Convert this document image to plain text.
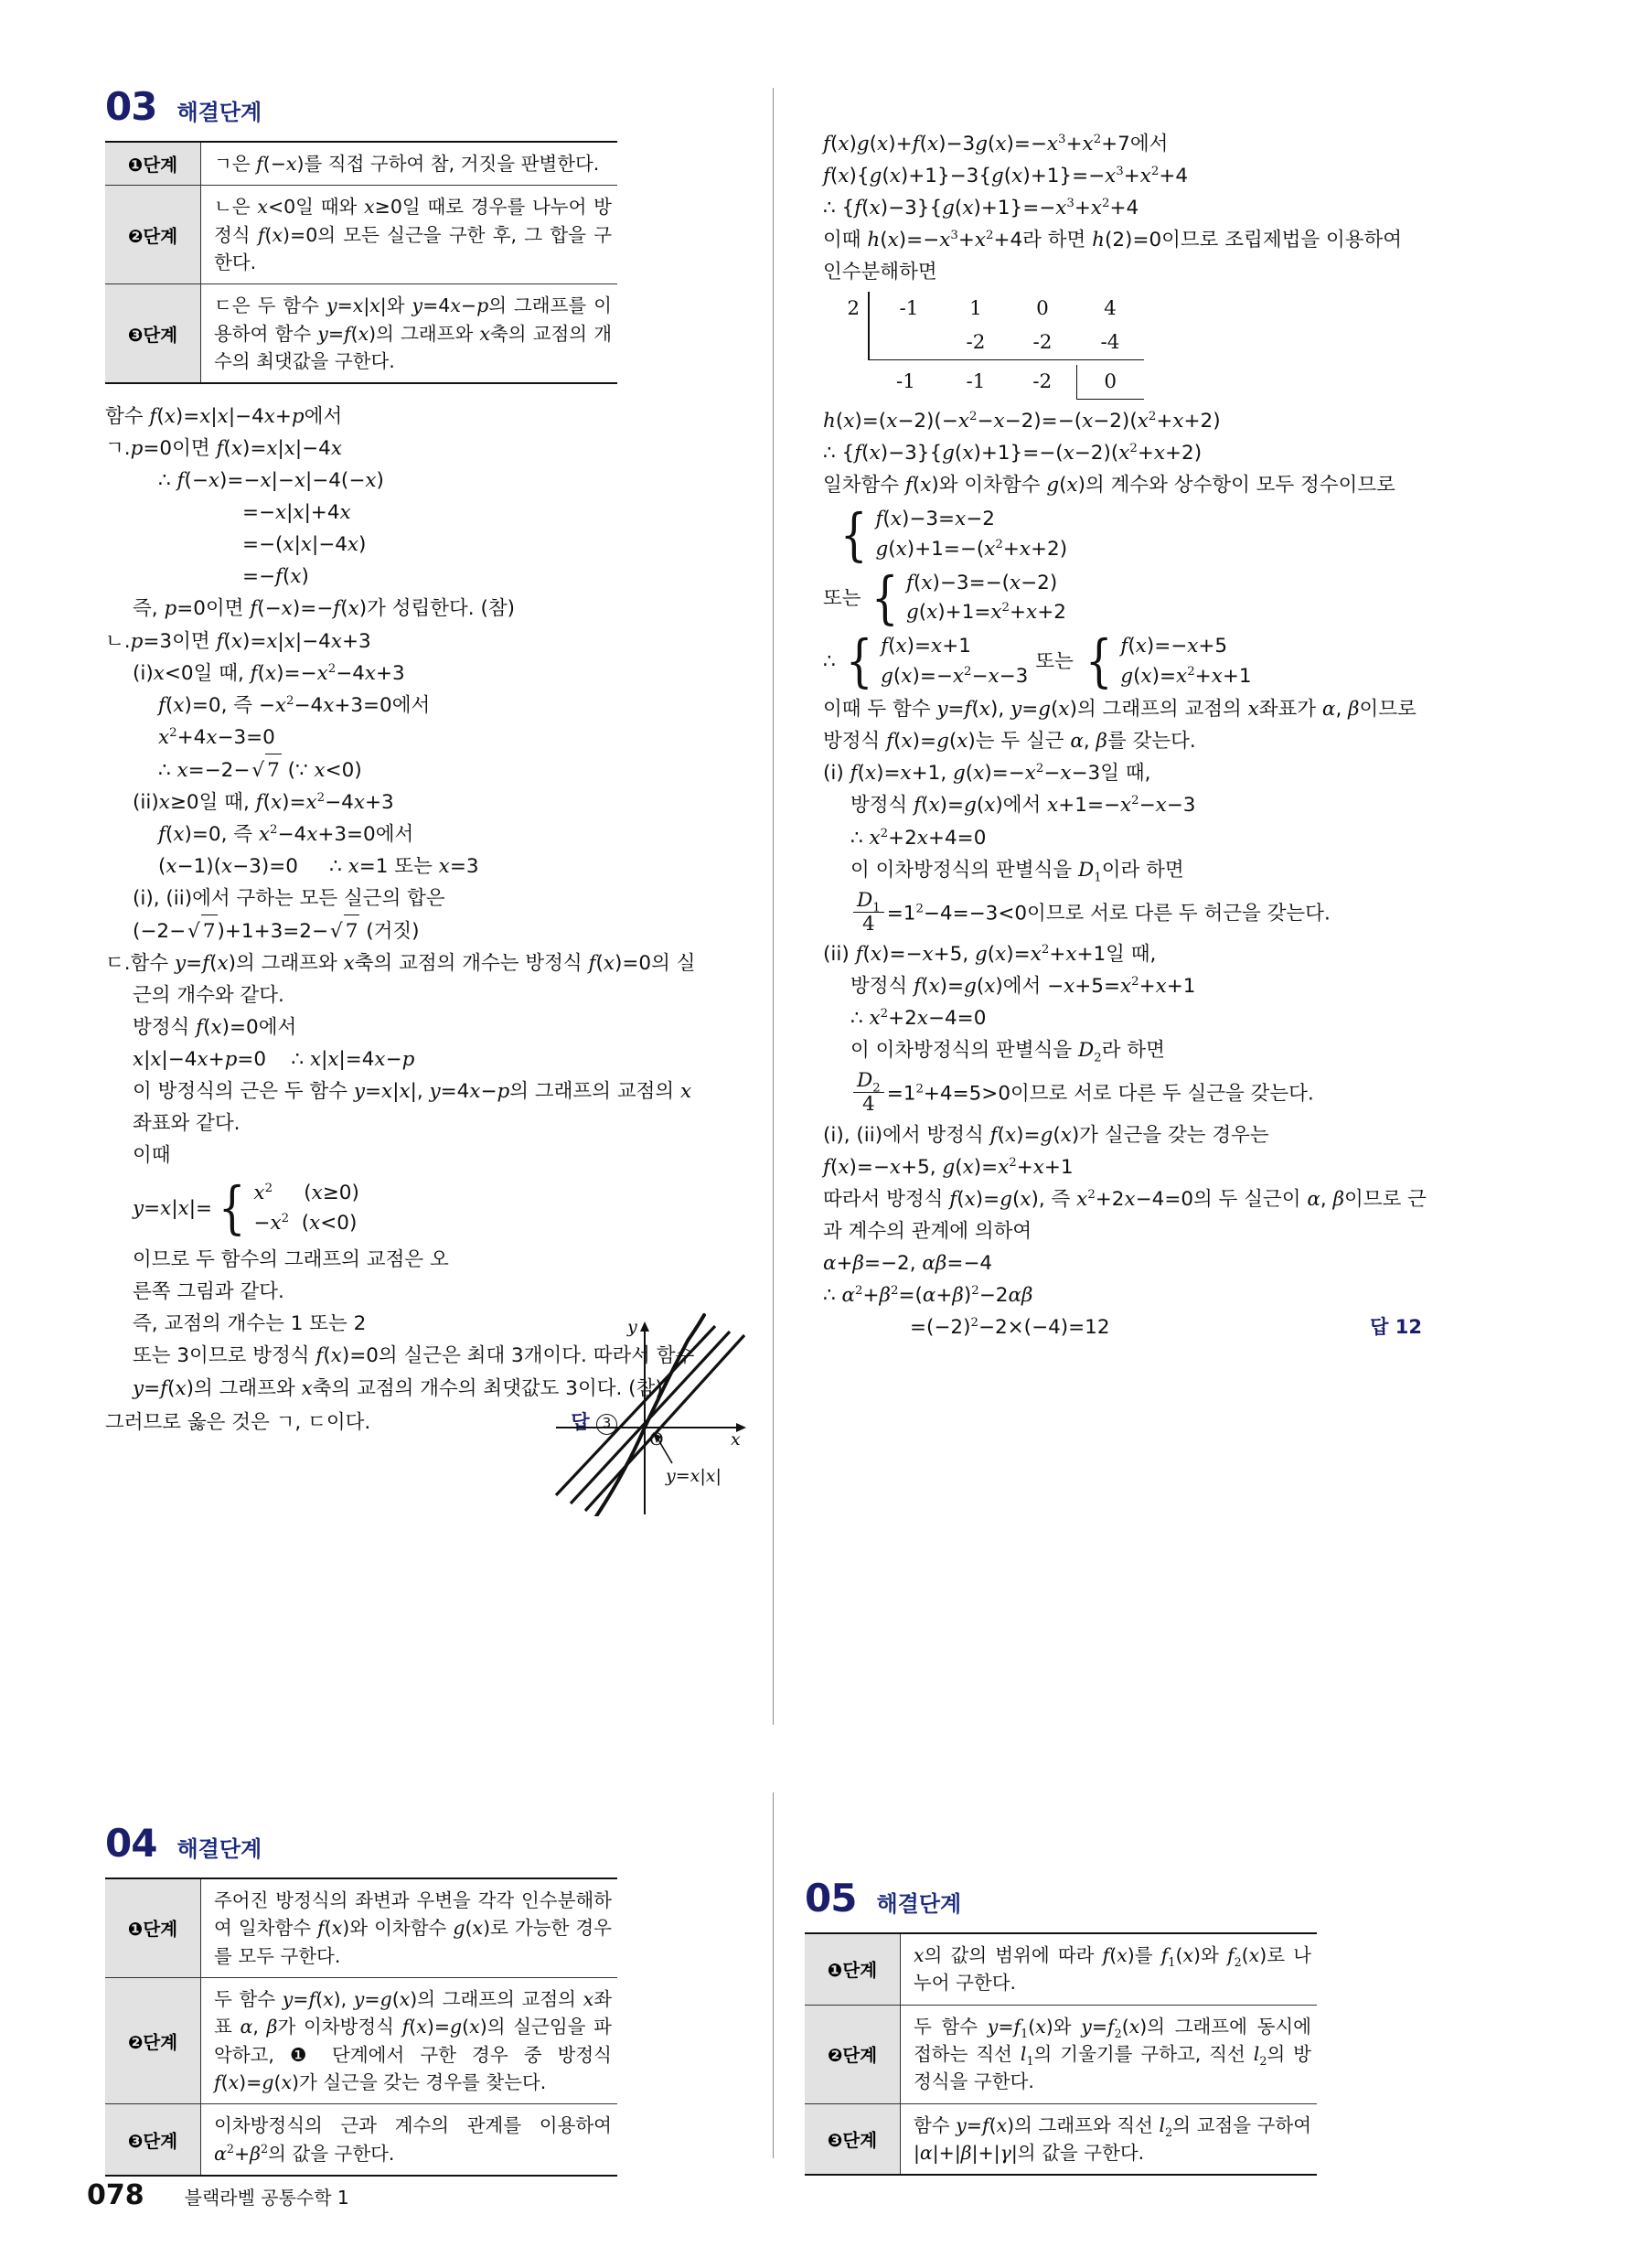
03 해결단계
❶단계	ㄱ은 f(−x)를 직접 구하여 참, 거짓을 판별한다.
❷단계	ㄴ은 x<0일 때와 x≥0일 때로 경우를 나누어 방정식 f(x)=0의 모든 실근을 구한 후, 그 합을 구한다.
❸단계	ㄷ은 두 함수 y=x|x|와 y=4x−p의 그래프를 이용하여 함수 y=f(x)의 그래프와 x축의 교점의 개수의 최댓값을 구한다.
함수 f(x)=x|x|−4x+p에서
ㄱ.p=0이면 f(x)=x|x|−4x
∴ f(−x)=−x|−x|−4(−x)
=−x|x|+4x
=−(x|x|−4x)
=−f(x)
즉, p=0이면 f(−x)=−f(x)가 성립한다. (참)
ㄴ.p=3이면 f(x)=x|x|−4x+3
(i)x<0일 때, $f(x)=-x^2-4x+3$
f(x)=0, 즉 $-x^2-4x+3=0$에서
$x^2+4x-3=0$
∴ x=−2−√ 7 (∵ x<0)
(ii)x≥0일 때, $f(x)=x^2-4x+3$
f(x)=0, 즉 $x^2-4x+3=0$에서
(x−1)(x−3)=0     ∴ x=1 또는 x=3
(i), (ii)에서 구하는 모든 실근의 합은
(−2−√ 7)+1+3=2−√ 7 (거짓)
ㄷ.함수 y=f(x)의 그래프와 x축의 교점의 개수는 방정식 f(x)=0의 실근의 개수와 같다.
방정식 f(x)=0에서
x|x|−4x+p=0    ∴ x|x|=4x−p
이 방정식의 근은 두 함수 y=x|x|, y=4x−p의 그래프의 교점의 x좌표와 같다.
이때
y=x|x|= { $x^2$     (x≥0)
$-x^2$  (x<0)
이므로 두 함수의 그래프의 교점은 오른쪽 그림과 같다.
즉, 교점의 개수는 1 또는 2
또는 3이므로 방정식 f(x)=0의 실근은 최대 3개이다. 따라서 함수 y=f(x)의 그래프와 x축의 교점의 개수의 최댓값도 3이다. (참)
그러므로 옳은 것은 ㄱ, ㄷ이다.	답 3
y
x
O
y=x|x|
$f(x)g(x)+f(x)-3g(x)=-x^3+x^2+7$에서
$f(x)\{g(x)+1\}-3\{g(x)+1\}=-x^3+x^2+4$
∴ $\{f(x)-3\}\{g(x)+1\}=-x^3+x^2+4$
이때 $h(x)=-x^3+x^2+4$라 하면 h(2)=0이므로 조립제법을 이용하여 인수분해하면
2	-1	1	0	4
		-2	-2	-4

	-1	-1	-2	0
$h(x)=(x-2)(-x^2-x-2)=-(x-2)(x^2+x+2)$
∴ $\{f(x)-3\}\{g(x)+1\}=-(x-2)(x^2+x+2)$
일차함수 f(x)와 이차함수 g(x)의 계수와 상수항이 모두 정수이므로
{ f(x)−3=x−2
$g(x)+1=-(x^2+x+2)$
또는 { f(x)−3=−(x−2)
$g(x)+1=x^2+x+2$
∴ { f(x)=x+1
$g(x)=-x^2-x-3$
또는 { f(x)=−x+5
$g(x)=x^2+x+1$
이때 두 함수 y=f(x), y=g(x)의 그래프의 교점의 x좌표가 α, β이므로 방정식 f(x)=g(x)는 두 실근 α, β를 갖는다.
(i) f(x)=x+1, $g(x)=-x^2-x-3$일 때,
방정식 f(x)=g(x)에서 $x+1=-x^2-x-3$
∴ $x^2+2x+4=0$
이 이차방정식의 판별식을 $D_1$이라 하면
$\frac{D_1}{4} =1^2-4=-3<0$이므로 서로 다른 두 허근을 갖는다.
(ii) f(x)=−x+5, $g(x)=x^2+x+1$일 때,
방정식 f(x)=g(x)에서 $-x+5=x^2+x+1$
∴ $x^2+2x-4=0$
이 이차방정식의 판별식을 $D_2$라 하면
$\frac{D_2}{4} =1^2+4=5>0$이므로 서로 다른 두 실근을 갖는다.
(i), (ii)에서 방정식 f(x)=g(x)가 실근을 갖는 경우는
f(x)=−x+5, $g(x)=x^2+x+1$
따라서 방정식 f(x)=g(x), 즉 $x^2+2x-4=0$의 두 실근이 α, β이므로 근과 계수의 관계에 의하여
α+β=−2, αβ=−4
∴ $\alpha^2+\beta^2=(\alpha+\beta)^2-2\alpha\beta$
$=(-2)^2-2\times(-4)=12$	답 12
04 해결단계
❶단계	주어진 방정식의 좌변과 우변을 각각 인수분해하여 일차함수 f(x)와 이차함수 g(x)로 가능한 경우를 모두 구한다.
❷단계	두 함수 y=f(x), y=g(x)의 그래프의 교점의 x좌표 α, β가 이차방정식 f(x)=g(x)의 실근임을 파악하고, ❶ 단계에서 구한 경우 중 방정식 f(x)=g(x)가 실근을 갖는 경우를 찾는다.
❸단계	이차방정식의 근과 계수의 관계를 이용하여 $\alpha^2+\beta^2$의 값을 구한다.
05 해결단계
❶단계	x의 값의 범위에 따라 f(x)를 $f_1(x)$와 $f_2(x)$로 나누어 구한다.
❷단계	두 함수 $y=f_1(x)$와 $y=f_2(x)$의 그래프에 동시에 접하는 직선 $l_1$의 기울기를 구하고, 직선 $l_2$의 방정식을 구한다.
❸단계	함수 y=f(x)의 그래프와 직선 $l_2$의 교점을 구하여 |α|+|β|+|γ|의 값을 구한다.
078 블랙라벨 공통수학 1
